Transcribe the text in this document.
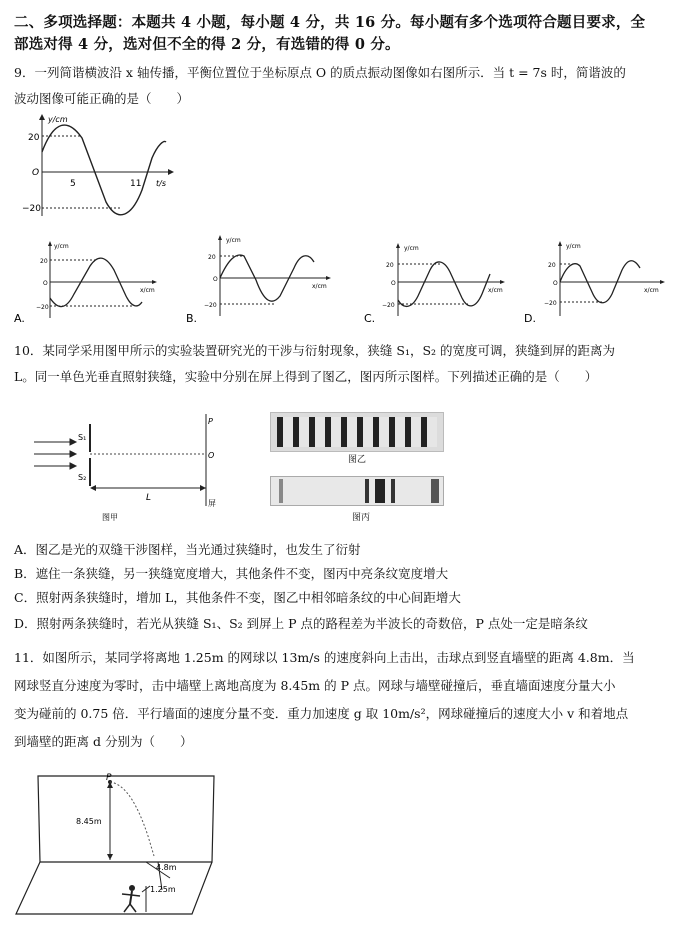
二、多项选择题：本题共 4 小题，每小题 4 分，共 16 分。每小题有多个选项符合题目要求，全
部选对得 4 分，选对但不全的得 2 分，有选错的得 0 分。
9．一列简谐横波沿 x 轴传播，平衡位置位于坐标原点 O 的质点振动图像如右图所示．当 t = 7s 时，简谐波的
波动图像可能正确的是（　　）
y/cm
20
O
−20
5	11 t/s
y/cm
20
O
−20
x/cm
A.
y/cm
20
O
−20
x/cm
B.
y/cm
20
O
−20
x/cm
C.
y/cm
20
O
−20
x/cm
D.
10．某同学采用图甲所示的实验装置研究光的干涉与衍射现象，狭缝 S₁，S₂ 的宽度可调，狭缝到屏的距离为
L。同一单色光垂直照射狭缝，实验中分别在屏上得到了图乙，图丙所示图样。下列描述正确的是（　　）
S₁
S₂
P
O
L
屏
图甲
图乙
图丙
A．图乙是光的双缝干涉图样，当光通过狭缝时，也发生了衍射
B．遮住一条狭缝，另一狭缝宽度增大，其他条件不变，图丙中亮条纹宽度增大
C．照射两条狭缝时，增加 L，其他条件不变，图乙中相邻暗条纹的中心间距增大
D．照射两条狭缝时，若光从狭缝 S₁、S₂ 到屏上 P 点的路程差为半波长的奇数倍，P 点处一定是暗条纹
11．如图所示，某同学将离地 1.25m 的网球以 13m/s 的速度斜向上击出，击球点到竖直墙壁的距离 4.8m．当
网球竖直分速度为零时，击中墙壁上离地高度为 8.45m 的 P 点。网球与墙壁碰撞后，垂直墙面速度分量大小
变为碰前的 0.75 倍．平行墙面的速度分量不变．重力加速度 g 取 10m/s²，网球碰撞后的速度大小 v 和着地点
到墙壁的距离 d 分别为（　　）
P
8.45m
4.8m
1.25m
